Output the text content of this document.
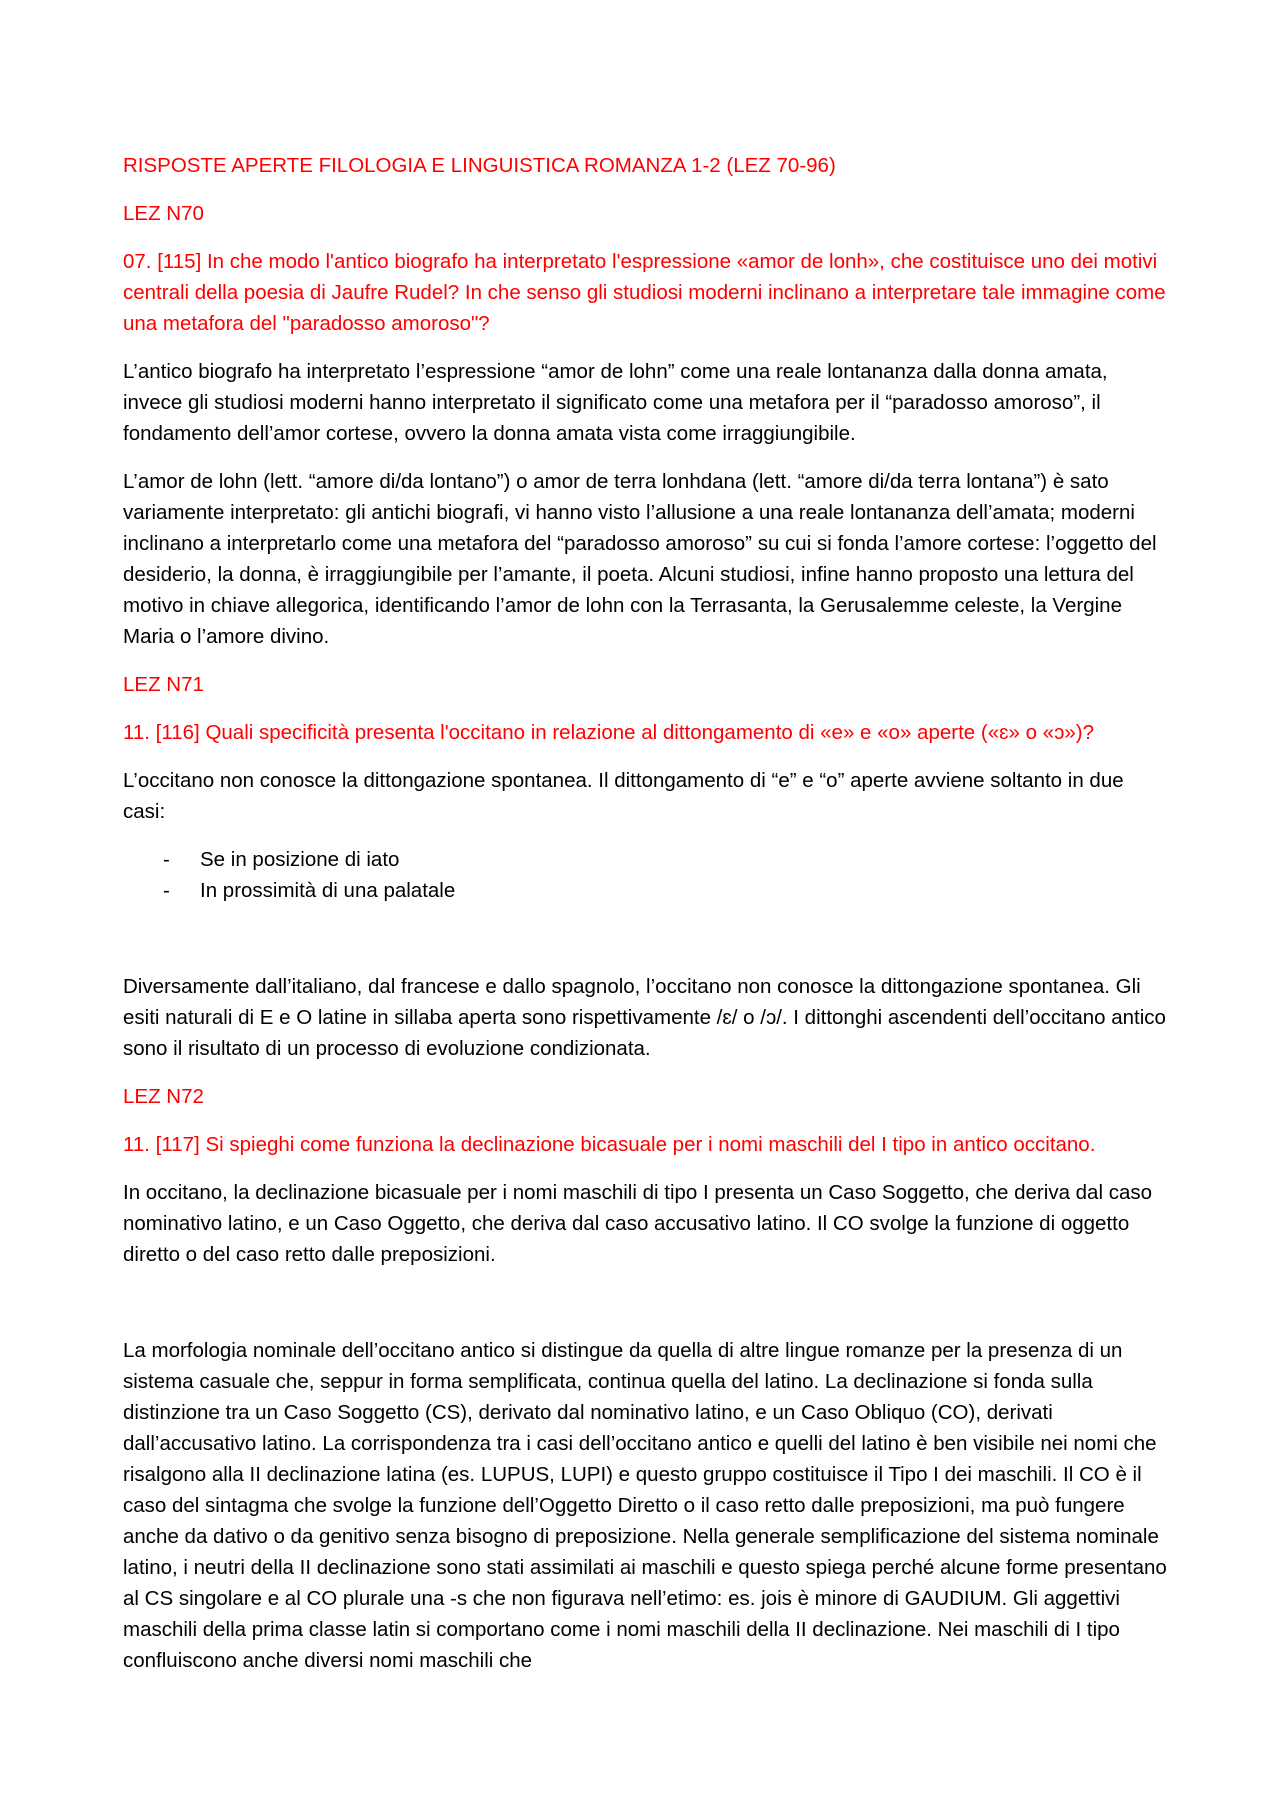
RISPOSTE APERTE FILOLOGIA E LINGUISTICA ROMANZA 1-2 (LEZ 70-96)

LEZ N70

07. [115] In che modo l'antico biografo ha interpretato l'espressione «amor de lonh», che costituisce uno dei motivi centrali della poesia di Jaufre Rudel? In che senso gli studiosi moderni inclinano a interpretare tale immagine come una metafora del "paradosso amoroso"?

L’antico biografo ha interpretato l’espressione “amor de lohn” come una reale lontananza dalla donna amata, invece gli studiosi moderni hanno interpretato il significato come una metafora per il “paradosso amoroso”, il fondamento dell’amor cortese, ovvero la donna amata vista come irraggiungibile.

L’amor de lohn (lett. “amore di/da lontano”) o amor de terra lonhdana (lett. “amore di/da terra lontana”) è sato variamente interpretato: gli antichi biografi, vi hanno visto l’allusione a una reale lontananza dell’amata; moderni inclinano a interpretarlo come una metafora del “paradosso amoroso” su cui si fonda l’amore cortese: l’oggetto del desiderio, la donna, è irraggiungibile per l’amante, il poeta. Alcuni studiosi, infine hanno proposto una lettura del motivo in chiave allegorica, identificando l’amor de lohn con la Terrasanta, la Gerusalemme celeste, la Vergine Maria o l’amore divino.

LEZ N71

11. [116] Quali specificità presenta l'occitano in relazione al dittongamento di «e» e «o» aperte («ɛ» o «ɔ»)?

L’occitano non conosce la dittongazione spontanea. Il dittongamento di “e” e “o” aperte avviene soltanto in due casi:

- Se in posizione di iato
- In prossimità di una palatale

Diversamente dall’italiano, dal francese e dallo spagnolo, l’occitano non conosce la dittongazione spontanea. Gli esiti naturali di E e O latine in sillaba aperta sono rispettivamente /ɛ/ o /ɔ/. I dittonghi ascendenti dell’occitano antico sono il risultato di un processo di evoluzione condizionata.

LEZ N72

11. [117] Si spieghi come funziona la declinazione bicasuale per i nomi maschili del I tipo in antico occitano.

In occitano, la declinazione bicasuale per i nomi maschili di tipo I presenta un Caso Soggetto, che deriva dal caso nominativo latino, e un Caso Oggetto, che deriva dal caso accusativo latino. Il CO svolge la funzione di oggetto diretto o del caso retto dalle preposizioni.

La morfologia nominale dell’occitano antico si distingue da quella di altre lingue romanze per la presenza di un sistema casuale che, seppur in forma semplificata, continua quella del latino. La declinazione si fonda sulla distinzione tra un Caso Soggetto (CS), derivato dal nominativo latino, e un Caso Obliquo (CO), derivati dall’accusativo latino. La corrispondenza tra i casi dell’occitano antico e quelli del latino è ben visibile nei nomi che risalgono alla II declinazione latina (es. LUPUS, LUPI) e questo gruppo costituisce il Tipo I dei maschili. Il CO è il caso del sintagma che svolge la funzione dell’Oggetto Diretto o il caso retto dalle preposizioni, ma può fungere anche da dativo o da genitivo senza bisogno di preposizione. Nella generale semplificazione del sistema nominale latino, i neutri della II declinazione sono stati assimilati ai maschili e questo spiega perché alcune forme presentano al CS singolare e al CO plurale una -s che non figurava nell’etimo: es. jois è minore di GAUDIUM. Gli aggettivi maschili della prima classe latin si comportano come i nomi maschili della II declinazione. Nei maschili di I tipo confluiscono anche diversi nomi maschili che
